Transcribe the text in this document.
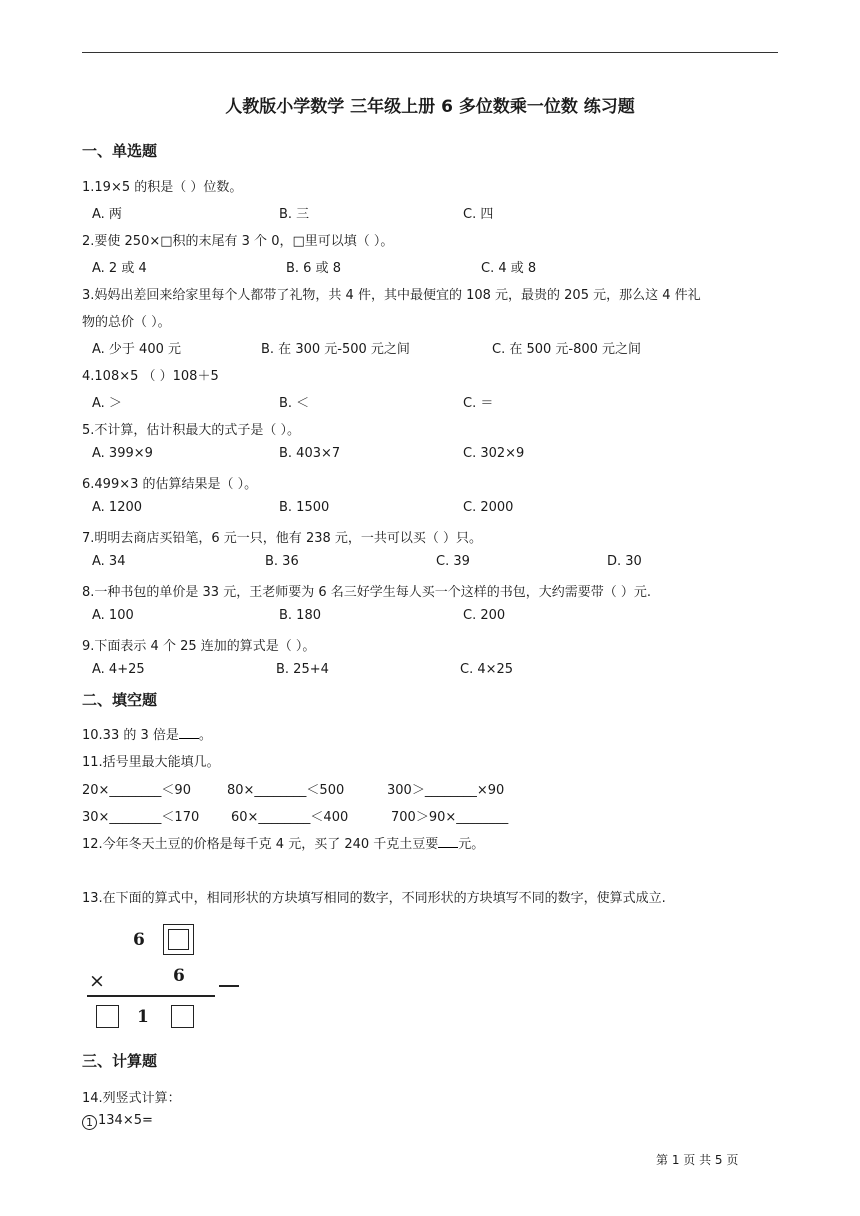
人教版小学数学 三年级上册 6 多位数乘一位数 练习题
一、单选题
1.19×5 的积是（ ）位数。
A. 两	B. 三	C. 四
2.要使 250×□积的末尾有 3 个 0，□里可以填（ ）。
A. 2 或 4	B. 6 或 8	C. 4 或 8
3.妈妈出差回来给家里每个人都带了礼物，共 4 件，其中最便宜的 108 元，最贵的 205 元，那么这 4 件礼
物的总价（ ）。
A. 少于 400 元	B. 在 300 元-500 元之间	C. 在 500 元-800 元之间
4.108×5 （ ）108＋5
A. ＞	B. ＜	C. ＝
5.不计算，估计积最大的式子是（ ）。
A. 399×9	B. 403×7	C. 302×9
6.499×3 的估算结果是（ ）。
A. 1200	B. 1500	C. 2000
7.明明去商店买铅笔，6 元一只，他有 238 元，一共可以买（ ）只。
A. 34	B. 36	C. 39	D. 30
8.一种书包的单价是 33 元，王老师要为 6 名三好学生每人买一个这样的书包，大约需要带（ ）元.
A. 100	B. 180	C. 200
9.下面表示 4 个 25 连加的算式是（ ）。
A. 4+25	B. 25+4	C. 4×25
二、填空题
10.33 的 3 倍是 。
11.括号里最大能填几。
20×________＜90	80×________＜500	300＞________×90
30×________＜170 60×________＜400	700＞90×________
12.今年冬天土豆的价格是每千克 4 元，买了 240 千克土豆要 元。
13.在下面的算式中，相同形状的方块填写相同的数字，不同形状的方块填写不同的数字，使算式成立.
6
×	6
1
三、计算题
14.列竖式计算：
1 134×5=
第 1 页 共 5 页
